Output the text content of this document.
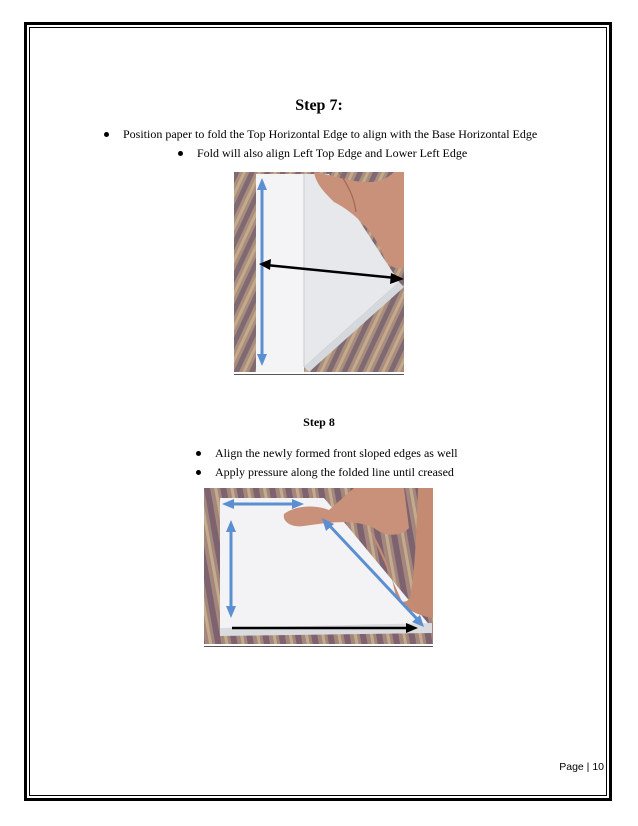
Step 7:
Position paper to fold the Top Horizontal Edge to align with the Base Horizontal Edge
Fold will also align Left Top Edge and Lower Left Edge
Step 8
Align the newly formed front sloped edges as well
Apply pressure along the folded line until creased
Page | 10
